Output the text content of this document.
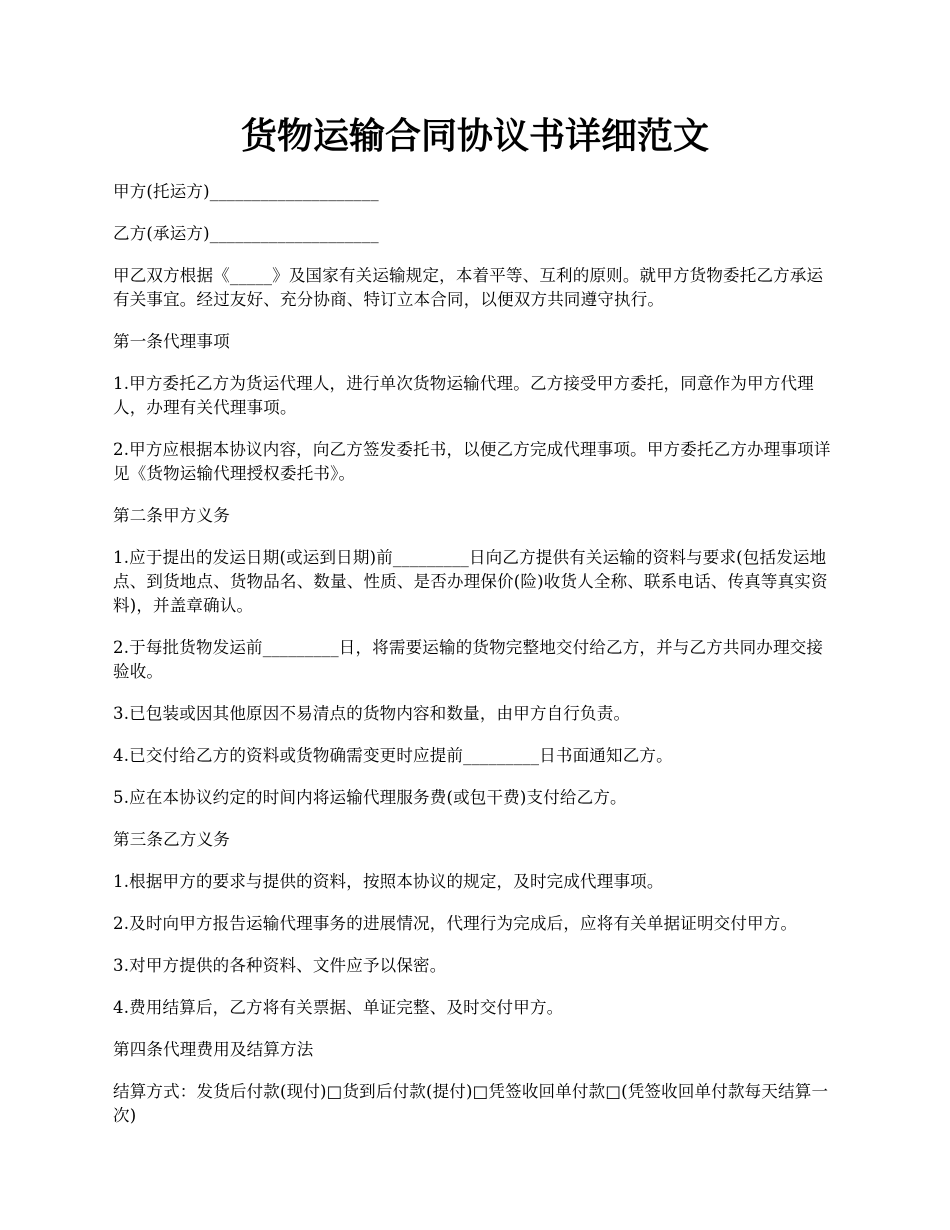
货物运输合同协议书详细范文

甲方(托运方)____________________

乙方(承运方)____________________

甲乙双方根据《_____》及国家有关运输规定，本着平等、互利的原则。就甲方货物委托乙方承运有关事宜。经过友好、充分协商、特订立本合同，以便双方共同遵守执行。

第一条代理事项

1.甲方委托乙方为货运代理人，进行单次货物运输代理。乙方接受甲方委托，同意作为甲方代理人，办理有关代理事项。

2.甲方应根据本协议内容，向乙方签发委托书，以便乙方完成代理事项。甲方委托乙方办理事项详见《货物运输代理授权委托书》。

第二条甲方义务

1.应于提出的发运日期(或运到日期)前_________日向乙方提供有关运输的资料与要求(包括发运地点、到货地点、货物品名、数量、性质、是否办理保价(险)收货人全称、联系电话、传真等真实资料)，并盖章确认。

2.于每批货物发运前_________日，将需要运输的货物完整地交付给乙方，并与乙方共同办理交接验收。

3.已包装或因其他原因不易清点的货物内容和数量，由甲方自行负责。

4.已交付给乙方的资料或货物确需变更时应提前_________日书面通知乙方。

5.应在本协议约定的时间内将运输代理服务费(或包干费)支付给乙方。

第三条乙方义务

1.根据甲方的要求与提供的资料，按照本协议的规定，及时完成代理事项。

2.及时向甲方报告运输代理事务的进展情况，代理行为完成后，应将有关单据证明交付甲方。

3.对甲方提供的各种资料、文件应予以保密。

4.费用结算后，乙方将有关票据、单证完整、及时交付甲方。

第四条代理费用及结算方法

结算方式：发货后付款(现付)□货到后付款(提付)□凭签收回单付款□(凭签收回单付款每天结算一次)
